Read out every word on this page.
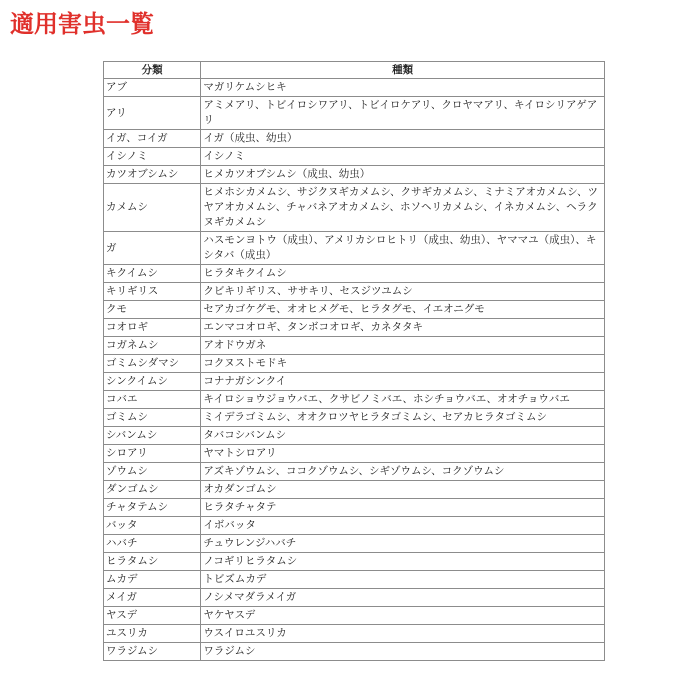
適用害虫一覧
分類	種類
アブ	マガリケムシヒキ
アリ	アミメアリ、トビイロシワアリ、トビイロケアリ、クロヤマアリ、キイロシリアゲアリ
イガ、コイガ	イガ（成虫、幼虫）
イシノミ	イシノミ
カツオブシムシ	ヒメカツオブシムシ（成虫、幼虫）
カメムシ	ヒメホシカメムシ、サジクヌギカメムシ、クサギカメムシ、ミナミアオカメムシ、ツヤアオカメムシ、チャバネアオカメムシ、ホソヘリカメムシ、イネカメムシ、ヘラクヌギカメムシ
ガ	ハスモンヨトウ（成虫）、アメリカシロヒトリ（成虫、幼虫）、ヤママユ（成虫）、キシタバ（成虫）
キクイムシ	ヒラタキクイムシ
キリギリス	クビキリギリス、ササキリ、セスジツユムシ
クモ	セアカゴケグモ、オオヒメグモ、ヒラタグモ、イエオニグモ
コオロギ	エンマコオロギ、タンボコオロギ、カネタタキ
コガネムシ	アオドウガネ
ゴミムシダマシ	コクヌストモドキ
シンクイムシ	コナナガシンクイ
コバエ	キイロショウジョウバエ、クサビノミバエ、ホシチョウバエ、オオチョウバエ
ゴミムシ	ミイデラゴミムシ、オオクロツヤヒラタゴミムシ、セアカヒラタゴミムシ
シバンムシ	タバコシバンムシ
シロアリ	ヤマトシロアリ
ゾウムシ	アズキゾウムシ、ココクゾウムシ、シギゾウムシ、コクゾウムシ
ダンゴムシ	オカダンゴムシ
チャタテムシ	ヒラタチャタテ
バッタ	イボバッタ
ハバチ	チュウレンジハバチ
ヒラタムシ	ノコギリヒラタムシ
ムカデ	トビズムカデ
メイガ	ノシメマダラメイガ
ヤスデ	ヤケヤスデ
ユスリカ	ウスイロユスリカ
ワラジムシ	ワラジムシ
